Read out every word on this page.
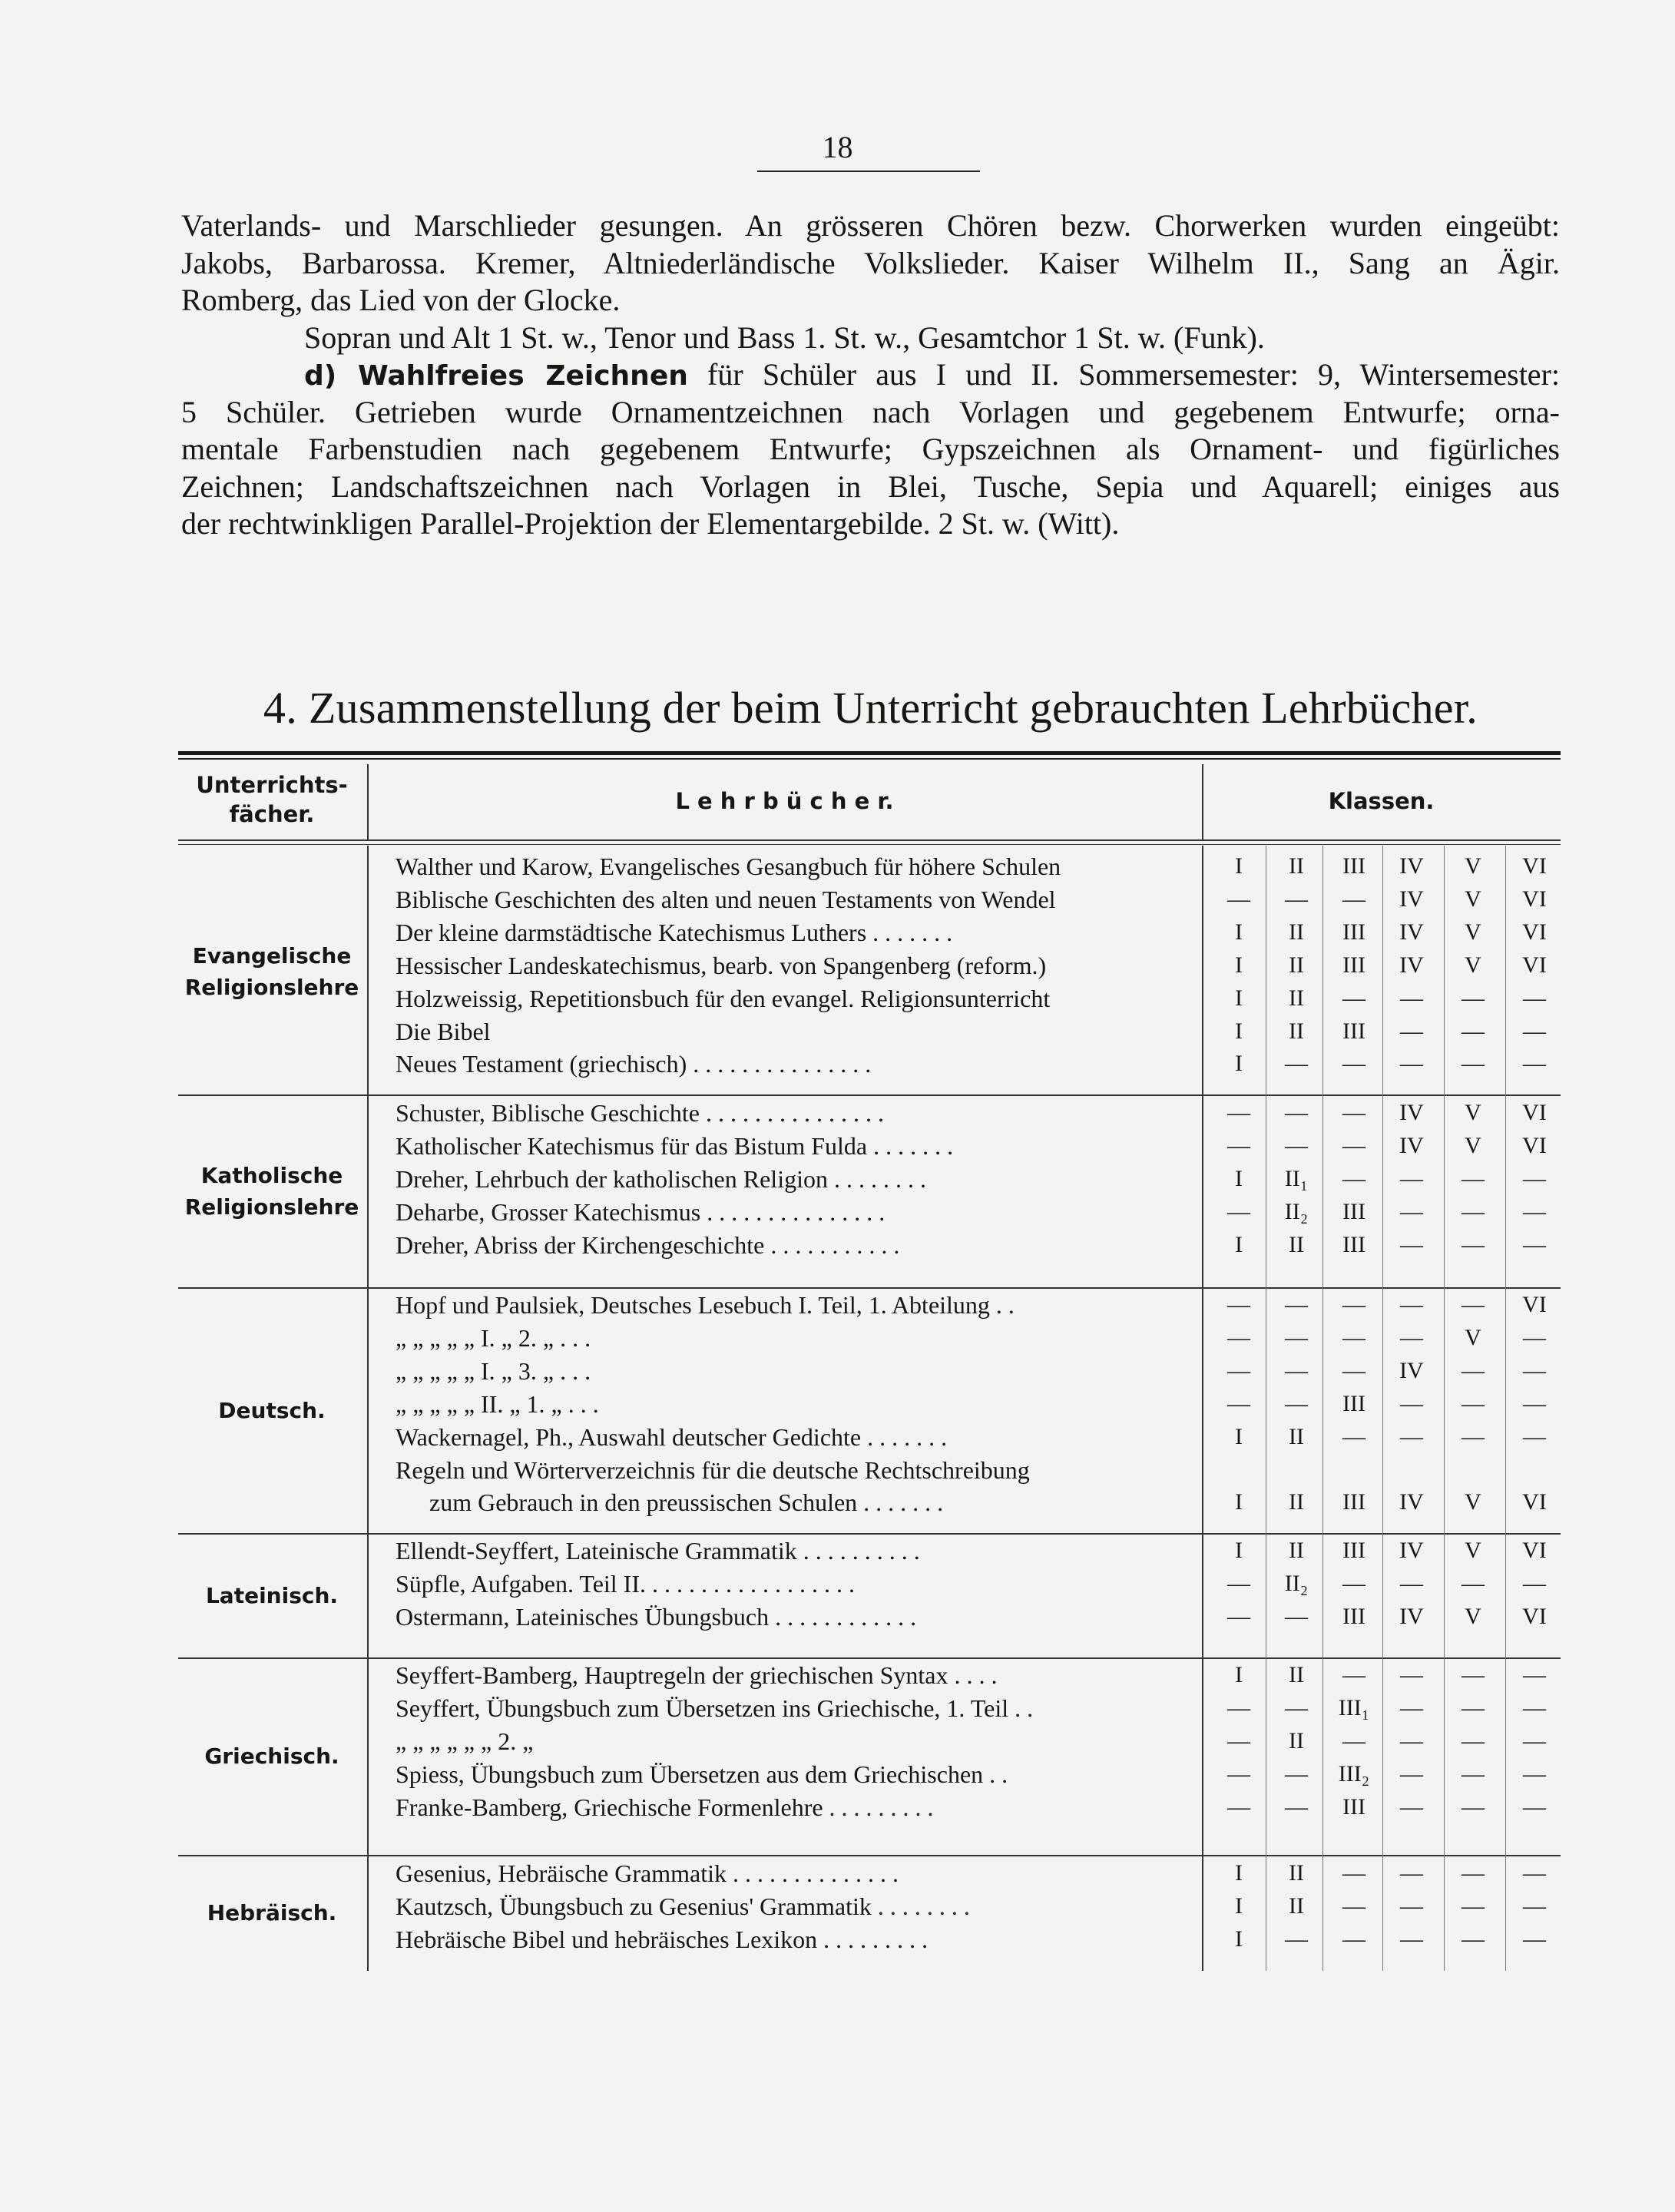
18
Vaterlands- und Marschlieder gesungen. An grösseren Chören bezw. Chorwerken wurden eingeübt:
Jakobs, Barbarossa. Kremer, Altniederländische Volkslieder. Kaiser Wilhelm II., Sang an Ägir.
Romberg, das Lied von der Glocke.
Sopran und Alt 1 St. w., Tenor und Bass 1. St. w., Gesamtchor 1 St. w. (Funk).
d) Wahlfreies Zeichnen für Schüler aus I und II. Sommersemester: 9, Wintersemester:
5 Schüler. Getrieben wurde Ornamentzeichnen nach Vorlagen und gegebenem Entwurfe; orna-
mentale Farbenstudien nach gegebenem Entwurfe; Gypszeichnen als Ornament- und figürliches
Zeichnen; Landschaftszeichnen nach Vorlagen in Blei, Tusche, Sepia und Aquarell; einiges aus
der rechtwinkligen Parallel-Projektion der Elementargebilde. 2 St. w. (Witt).
4. Zusammenstellung der beim Unterricht gebrauchten Lehrbücher.
Unterrichts-
fächer.	L e h r b ü c h e r.	Klassen.
Evangelische
Religionslehre
Walther und Karow, Evangelisches Gesangbuch für höhere Schulen	I	II	III	IV	V	VI
Biblische Geschichten des alten und neuen Testaments von Wendel	—	—	—	IV	V	VI
Der kleine darmstädtische Katechismus Luthers . . . . . . .	I	II	III	IV	V	VI
Hessischer Landeskatechismus, bearb. von Spangenberg (reform.)	I	II	III	IV	V	VI
Holzweissig, Repetitionsbuch für den evangel. Religionsunterricht	I	II	—	—	—	—
Die Bibel	I	II	III	—	—	—
Neues Testament (griechisch) . . . . . . . . . . . . . . .	I	—	—	—	—	—
Katholische
Religionslehre
Schuster, Biblische Geschichte . . . . . . . . . . . . . . .	—	—	—	IV	V	VI
Katholischer Katechismus für das Bistum Fulda . . . . . . .	—	—	—	IV	V	VI
Dreher, Lehrbuch der katholischen Religion . . . . . . . .	I	II₁	—	—	—	—
Deharbe, Grosser Katechismus . . . . . . . . . . . . . . .	—	II₂	III	—	—	—
Dreher, Abriss der Kirchengeschichte . . . . . . . . . . .	I	II	III	—	—	—
Deutsch.
Hopf und Paulsiek, Deutsches Lesebuch I. Teil, 1. Abteilung . .	—	—	—	—	—	VI
„ „ „ „ „ I. „ 2. „ . . .	—	—	—	—	V	—
„ „ „ „ „ I. „ 3. „ . . .	—	—	—	IV	—	—
„ „ „ „ „ II. „ 1. „ . . .	—	—	III	—	—	—
Wackernagel, Ph., Auswahl deutscher Gedichte . . . . . . .	I	II	—	—	—	—
Regeln und Wörterverzeichnis für die deutsche Rechtschreibung
zum Gebrauch in den preussischen Schulen . . . . . . .	I	II	III	IV	V	VI
Lateinisch.
Ellendt-Seyffert, Lateinische Grammatik . . . . . . . . . .	I	II	III	IV	V	VI
Süpfle, Aufgaben. Teil II. . . . . . . . . . . . . . . . . .	—	II₂	—	—	—	—
Ostermann, Lateinisches Übungsbuch . . . . . . . . . . . .	—	—	III	IV	V	VI
Griechisch.
Seyffert-Bamberg, Hauptregeln der griechischen Syntax . . . .	I	II	—	—	—	—
Seyffert, Übungsbuch zum Übersetzen ins Griechische, 1. Teil . .	—	—	III₁	—	—	—
„ „ „ „ „ „ 2. „	—	II	—	—	—	—
Spiess, Übungsbuch zum Übersetzen aus dem Griechischen . .	—	—	III₂	—	—	—
Franke-Bamberg, Griechische Formenlehre . . . . . . . . .	—	—	III	—	—	—
Hebräisch.
Gesenius, Hebräische Grammatik . . . . . . . . . . . . . .	I	II	—	—	—	—
Kautzsch, Übungsbuch zu Gesenius' Grammatik . . . . . . . .	I	II	—	—	—	—
Hebräische Bibel und hebräisches Lexikon . . . . . . . . .	I	—	—	—	—	—
